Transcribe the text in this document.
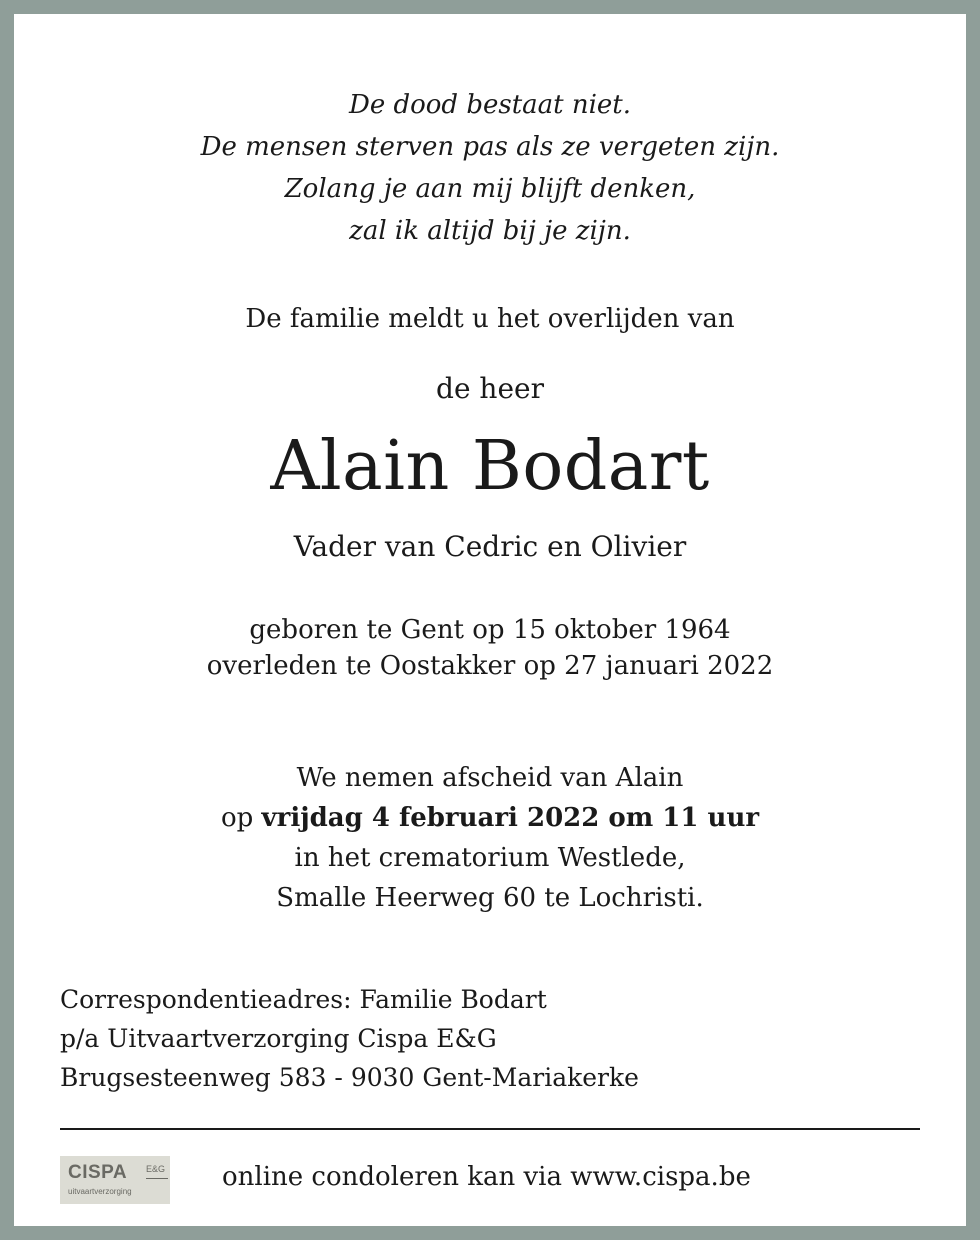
De dood bestaat niet.
De mensen sterven pas als ze vergeten zijn.
Zolang je aan mij blijft denken,
zal ik altijd bij je zijn.
De familie meldt u het overlijden van
de heer
Alain Bodart
Vader van Cedric en Olivier
geboren te Gent op 15 oktober 1964
overleden te Oostakker op 27 januari 2022
We nemen afscheid van Alain
op vrijdag 4 februari 2022 om 11 uur
in het crematorium Westlede,
Smalle Heerweg 60 te Lochristi.
Correspondentieadres: Familie Bodart
p/a Uitvaartverzorging Cispa E&G
Brugsesteenweg 583 - 9030 Gent-Mariakerke
CISPA E&G
uitvaartverzorging	online condoleren kan via www.cispa.be
